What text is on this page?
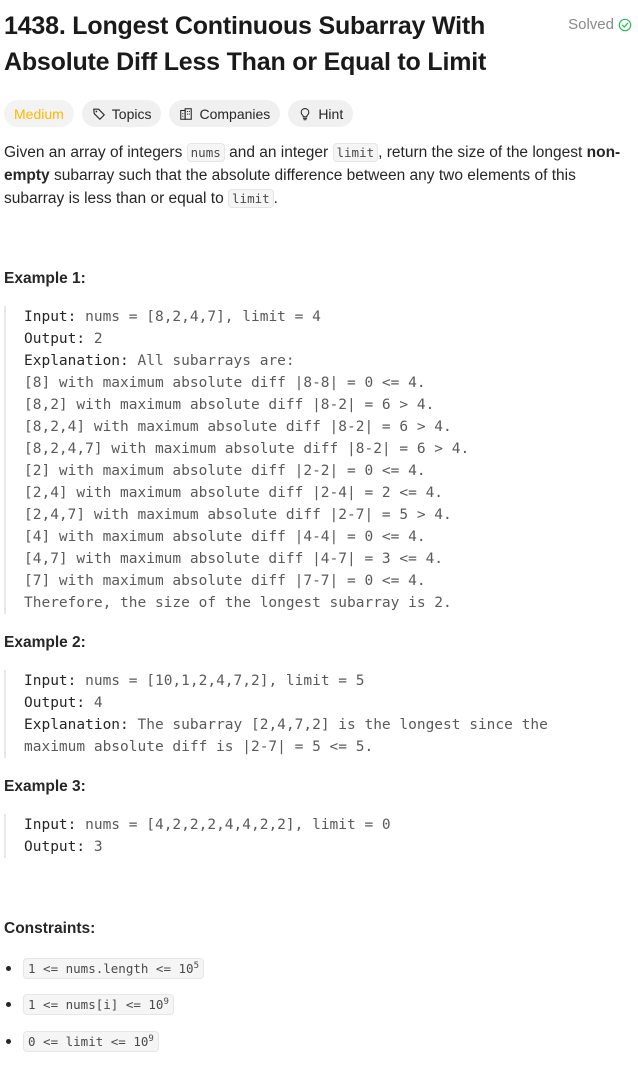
1438. Longest Continuous Subarray With Absolute Diff Less Than or Equal to Limit
Solved
Medium	Topics	Companies	Hint

Given an array of integers nums and an integer limit , return the size of the longest non-empty subarray such that the absolute difference between any two elements of this subarray is less than or equal to limit .

Example 1:

Input: nums = [8,2,4,7], limit = 4
Output: 2
Explanation: All subarrays are:
[8] with maximum absolute diff |8-8| = 0 <= 4.
[8,2] with maximum absolute diff |8-2| = 6 > 4.
[8,2,4] with maximum absolute diff |8-2| = 6 > 4.
[8,2,4,7] with maximum absolute diff |8-2| = 6 > 4.
[2] with maximum absolute diff |2-2| = 0 <= 4.
[2,4] with maximum absolute diff |2-4| = 2 <= 4.
[2,4,7] with maximum absolute diff |2-7| = 5 > 4.
[4] with maximum absolute diff |4-4| = 0 <= 4.
[4,7] with maximum absolute diff |4-7| = 3 <= 4.
[7] with maximum absolute diff |7-7| = 0 <= 4.
Therefore, the size of the longest subarray is 2.

Example 2:

Input: nums = [10,1,2,4,7,2], limit = 5
Output: 4
Explanation: The subarray [2,4,7,2] is the longest since the
maximum absolute diff is |2-7| = 5 <= 5.

Example 3:

Input: nums = [4,2,2,2,4,4,2,2], limit = 0
Output: 3

Constraints:

1 <= nums.length <= $10^5$
1 <= nums[i] <= $10^9$
0 <= limit <= $10^9$
